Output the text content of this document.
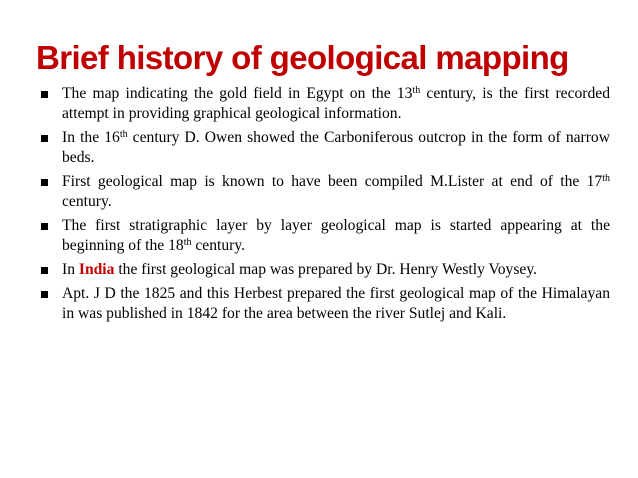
Brief history of geological mapping
The map indicating the gold field in Egypt on the 13th century, is the first recorded attempt in providing graphical geological information.
In the 16th century D. Owen showed the Carboniferous outcrop in the form of narrow beds.
First geological map is known to have been compiled M.Lister at end of the 17th century.
The first stratigraphic layer by layer geological map is started appearing at the beginning of the 18th century.
In India the first geological map was prepared by Dr. Henry Westly Voysey.
Apt. J D the 1825 and this Herbest prepared the first geological map of the Himalayan in was published in 1842 for the area between the river Sutlej and Kali.
